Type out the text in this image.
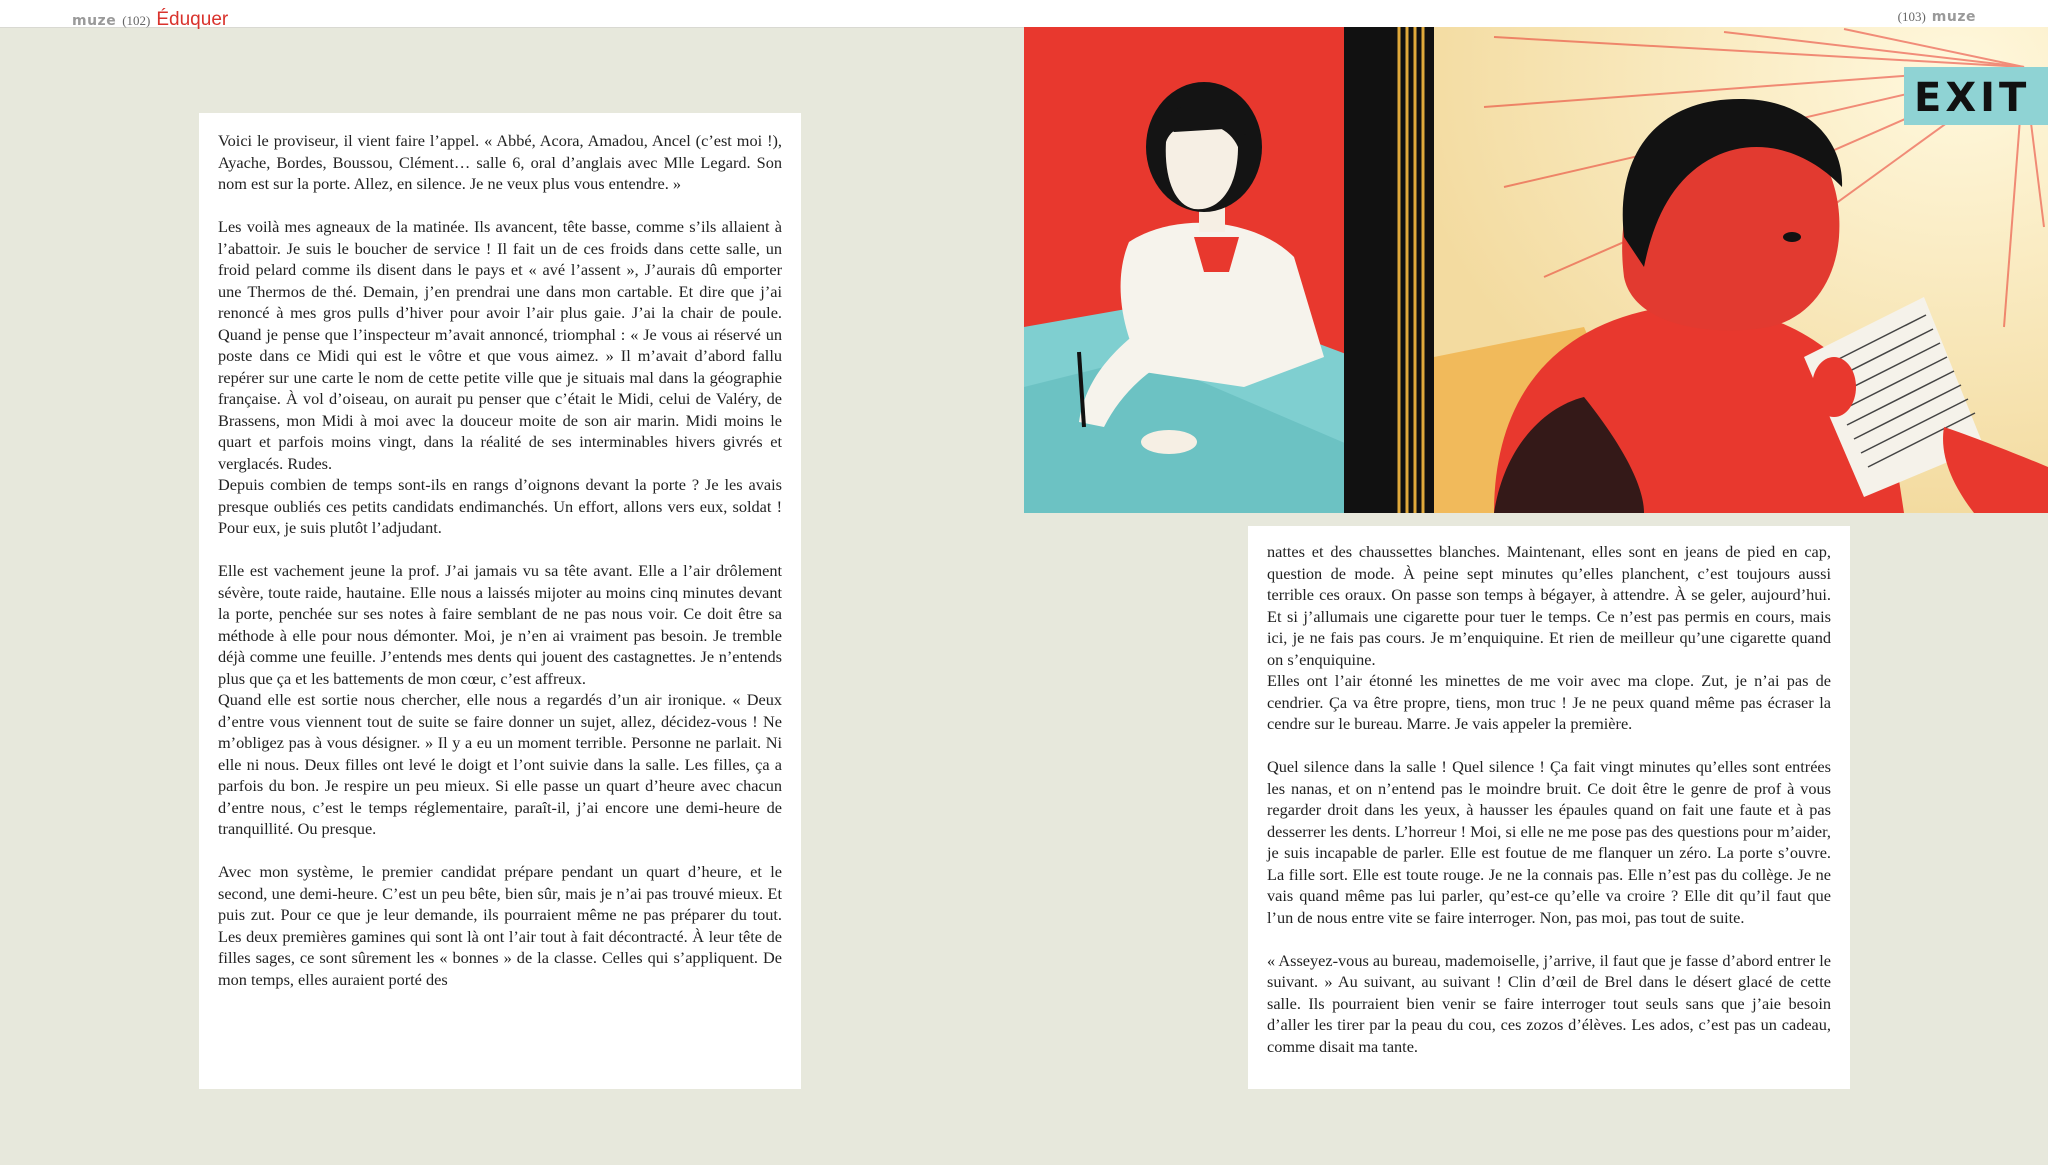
muze (102) Éduquer	(103) muze

Voici le proviseur, il vient faire l’appel. « Abbé, Acora, Amadou, Ancel (c’est moi !), Ayache, Bordes, Boussou, Clément… salle 6, oral d’anglais avec Mlle Legard. Son nom est sur la porte. Allez, en silence. Je ne veux plus vous entendre. »

Les voilà mes agneaux de la matinée. Ils avancent, tête basse, comme s’ils allaient à l’abattoir. Je suis le boucher de service ! Il fait un de ces froids dans cette salle, un froid pelard comme ils disent dans le pays et « avé l’assent », J’aurais dû emporter une Thermos de thé. Demain, j’en prendrai une dans mon cartable. Et dire que j’ai renoncé à mes gros pulls d’hiver pour avoir l’air plus gaie. J’ai la chair de poule. Quand je pense que l’inspecteur m’avait annoncé, triomphal : « Je vous ai réservé un poste dans ce Midi qui est le vôtre et que vous aimez. » Il m’avait d’abord fallu repérer sur une carte le nom de cette petite ville que je situais mal dans la géographie française. À vol d’oiseau, on aurait pu penser que c’était le Midi, celui de Valéry, de Brassens, mon Midi à moi avec la douceur moite de son air marin. Midi moins le quart et parfois moins vingt, dans la réalité de ses interminables hivers givrés et verglacés. Rudes.

Depuis combien de temps sont-ils en rangs d’oignons devant la porte ? Je les avais presque oubliés ces petits candidats endimanchés. Un effort, allons vers eux, soldat ! Pour eux, je suis plutôt l’adjudant.

Elle est vachement jeune la prof. J’ai jamais vu sa tête avant. Elle a l’air drôlement sévère, toute raide, hautaine. Elle nous a laissés mijoter au moins cinq minutes devant la porte, penchée sur ses notes à faire semblant de ne pas nous voir. Ce doit être sa méthode à elle pour nous démonter. Moi, je n’en ai vraiment pas besoin. Je tremble déjà comme une feuille. J’entends mes dents qui jouent des castagnettes. Je n’entends plus que ça et les battements de mon cœur, c’est affreux.

Quand elle est sortie nous chercher, elle nous a regardés d’un air ironique. « Deux d’entre vous viennent tout de suite se faire donner un sujet, allez, décidez-vous ! Ne m’obligez pas à vous désigner. » Il y a eu un moment terrible. Personne ne parlait. Ni elle ni nous. Deux filles ont levé le doigt et l’ont suivie dans la salle. Les filles, ça a parfois du bon. Je respire un peu mieux. Si elle passe un quart d’heure avec chacun d’entre nous, c’est le temps réglementaire, paraît-il, j’ai encore une demi-heure de tranquillité. Ou presque.

Avec mon système, le premier candidat prépare pendant un quart d’heure, et le second, une demi-heure. C’est un peu bête, bien sûr, mais je n’ai pas trouvé mieux. Et puis zut. Pour ce que je leur demande, ils pourraient même ne pas préparer du tout. Les deux premières gamines qui sont là ont l’air tout à fait décontracté. À leur tête de filles sages, ce sont sûrement les « bonnes » de la classe. Celles qui s’appliquent. De mon temps, elles auraient porté des

EXIT

nattes et des chaussettes blanches. Maintenant, elles sont en jeans de pied en cap, question de mode. À peine sept minutes qu’elles planchent, c’est toujours aussi terrible ces oraux. On passe son temps à bégayer, à attendre. À se geler, aujourd’hui. Et si j’allumais une cigarette pour tuer le temps. Ce n’est pas permis en cours, mais ici, je ne fais pas cours. Je m’enquiquine. Et rien de meilleur qu’une cigarette quand on s’enquiquine.

Elles ont l’air étonné les minettes de me voir avec ma clope. Zut, je n’ai pas de cendrier. Ça va être propre, tiens, mon truc ! Je ne peux quand même pas écraser la cendre sur le bureau. Marre. Je vais appeler la première.

Quel silence dans la salle ! Quel silence ! Ça fait vingt minutes qu’elles sont entrées les nanas, et on n’entend pas le moindre bruit. Ce doit être le genre de prof à vous regarder droit dans les yeux, à hausser les épaules quand on fait une faute et à pas desserrer les dents. L’horreur ! Moi, si elle ne me pose pas des questions pour m’aider, je suis incapable de parler. Elle est foutue de me flanquer un zéro. La porte s’ouvre. La fille sort. Elle est toute rouge. Je ne la connais pas. Elle n’est pas du collège. Je ne vais quand même pas lui parler, qu’est-ce qu’elle va croire ? Elle dit qu’il faut que l’un de nous entre vite se faire interroger. Non, pas moi, pas tout de suite.

« Asseyez-vous au bureau, mademoiselle, j’arrive, il faut que je fasse d’abord entrer le suivant. » Au suivant, au suivant ! Clin d’œil de Brel dans le désert glacé de cette salle. Ils pourraient bien venir se faire interroger tout seuls sans que j’aie besoin d’aller les tirer par la peau du cou, ces zozos d’élèves. Les ados, c’est pas un cadeau, comme disait ma tante.
